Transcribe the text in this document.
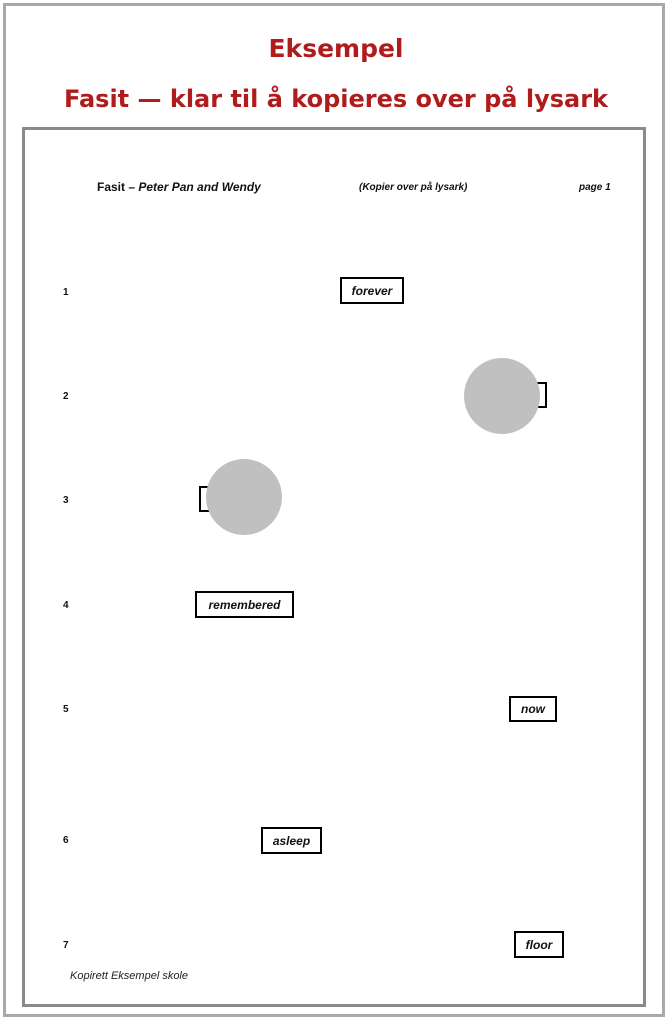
Eksempel
Fasit — klar til å kopieres over på lysark
Fasit – Peter Pan and Wendy	(Kopier over på lysark)	page 1
1
2
3
4
5
6
7
forever
remembered
now
asleep
floor
Kopirett Eksempel skole
